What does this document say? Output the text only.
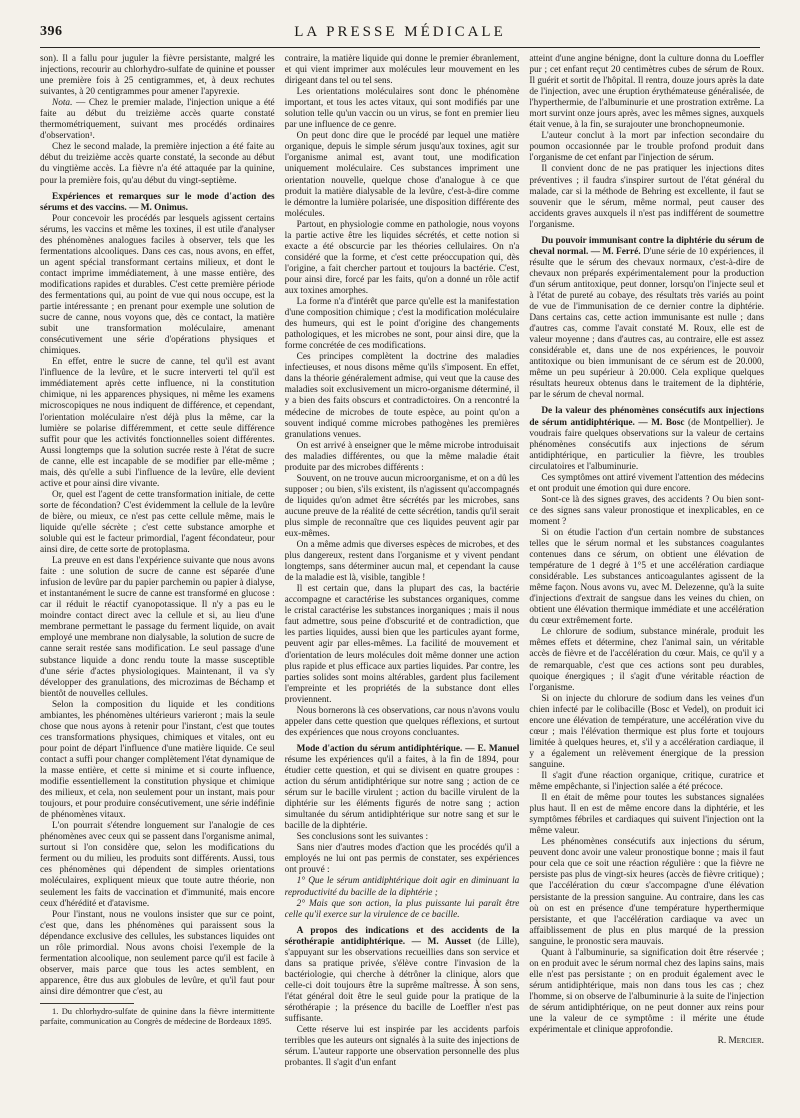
396	LA PRESSE MÉDICALE

son). Il a fallu pour juguler la fièvre persistante, malgré les injections, recourir au chlorhydro-sulfate de quinine et pousser une première fois à 25 centigrammes, et, à deux rechutes suivantes, à 20 centigrammes pour amener l'apyrexie.

Nota. — Chez le premier malade, l'injection unique a été faite au début du treizième accès quarte constaté thermométriquement, suivant mes procédés ordinaires d'observation¹.

Chez le second malade, la première injection a été faite au début du treizième accès quarte constaté, la seconde au début du vingtième accès. La fièvre n'a été attaquée par la quinine, pour la première fois, qu'au début du vingt-septième.

Expériences et remarques sur le mode d'action des sérums et des vaccins. — M. Onimus.

Pour concevoir les procédés par lesquels agissent certains sérums, les vaccins et même les toxines, il est utile d'analyser des phénomènes analogues faciles à observer, tels que les fermentations alcooliques. Dans ces cas, nous avons, en effet, un agent spécial transformant certains milieux, et dont le contact imprime immédiatement, à une masse entière, des modifications rapides et durables. C'est cette première période des fermentations qui, au point de vue qui nous occupe, est la partie intéressante ; en prenant pour exemple une solution de sucre de canne, nous voyons que, dès ce contact, la matière subit une transformation moléculaire, amenant consécutivement une série d'opérations physiques et chimiques.

En effet, entre le sucre de canne, tel qu'il est avant l'influence de la levûre, et le sucre interverti tel qu'il est immédiatement après cette influence, ni la constitution chimique, ni les apparences physiques, ni même les examens microscopiques ne nous indiquent de différence, et cependant, l'orientation moléculaire n'est déjà plus la même, car la lumière se polarise différemment, et cette seule différence suffit pour que les activités fonctionnelles soient différentes. Aussi longtemps que la solution sucrée reste à l'état de sucre de canne, elle est incapable de se modifier par elle-même ; mais, dès qu'elle a subi l'influence de la levûre, elle devient active et pour ainsi dire vivante.

Or, quel est l'agent de cette transformation initiale, de cette sorte de fécondation? C'est évidemment la cellule de la levûre de bière, ou mieux, ce n'est pas cette cellule même, mais le liquide qu'elle sécrète ; c'est cette substance amorphe et soluble qui est le facteur primordial, l'agent fécondateur, pour ainsi dire, de cette sorte de protoplasma.

La preuve en est dans l'expérience suivante que nous avons faite : une solution de sucre de canne est séparée d'une infusion de levûre par du papier parchemin ou papier à dialyse, et instantanément le sucre de canne est transformé en glucose : car il réduit le réactif cyanopotassique. Il n'y a pas eu le moindre contact direct avec la cellule et si, au lieu d'une membrane permettant le passage du ferment liquide, on avait employé une membrane non dialysable, la solution de sucre de canne serait restée sans modification. Le seul passage d'une substance liquide a donc rendu toute la masse susceptible d'une série d'actes physiologiques. Maintenant, il va s'y développer des granulations, des microzimas de Béchamp et bientôt de nouvelles cellules.

Selon la composition du liquide et les conditions ambiantes, les phénomènes ultérieurs varieront ; mais la seule chose que nous ayons à retenir pour l'instant, c'est que toutes ces transformations physiques, chimiques et vitales, ont eu pour point de départ l'influence d'une matière liquide. Ce seul contact a suffi pour changer complètement l'état dynamique de la masse entière, et cette si minime et si courte influence, modifie essentiellement la constitution physique et chimique des milieux, et cela, non seulement pour un instant, mais pour toujours, et pour produire consécutivement, une série indéfinie de phénomènes vitaux.

L'on pourrait s'étendre longuement sur l'analogie de ces phénomènes avec ceux qui se passent dans l'organisme animal, surtout si l'on considère que, selon les modifications du ferment ou du milieu, les produits sont différents. Aussi, tous ces phénomènes qui dépendent de simples orientations moléculaires, expliquent mieux que toute autre théorie, non seulement les faits de vaccination et d'immunité, mais encore ceux d'hérédité et d'atavisme.

Pour l'instant, nous ne voulons insister que sur ce point, c'est que, dans les phénomènes qui paraissent sous la dépendance exclusive des cellules, les substances liquides ont un rôle primordial. Nous avons choisi l'exemple de la fermentation alcoolique, non seulement parce qu'il est facile à observer, mais parce que tous les actes semblent, en apparence, être dus aux globules de levûre, et qu'il faut pour ainsi dire démontrer que c'est, au

1. Du chlorhydro-sulfate de quinine dans la fièvre intermittente parfaite, communication au Congrès de médecine de Bordeaux 1895.

contraire, la matière liquide qui donne le premier ébranlement, et qui vient imprimer aux molécules leur mouvement en les dirigeant dans tel ou tel sens.

Les orientations moléculaires sont donc le phénomène important, et tous les actes vitaux, qui sont modifiés par une solution telle qu'un vaccin ou un virus, se font en premier lieu par une influence de ce genre.

On peut donc dire que le procédé par lequel une matière organique, depuis le simple sérum jusqu'aux toxines, agit sur l'organisme animal est, avant tout, une modification uniquement moléculaire. Ces substances impriment une orientation nouvelle, quelque chose d'analogue à ce que produit la matière dialysable de la levûre, c'est-à-dire comme le démontre la lumière polarisée, une disposition différente des molécules.

Partout, en physiologie comme en pathologie, nous voyons la partie active être les liquides sécrétés, et cette notion si exacte a été obscurcie par les théories cellulaires. On n'a considéré que la forme, et c'est cette préoccupation qui, dès l'origine, a fait chercher partout et toujours la bactérie. C'est, pour ainsi dire, forcé par les faits, qu'on a donné un rôle actif aux toxines amorphes.

La forme n'a d'intérêt que parce qu'elle est la manifestation d'une composition chimique ; c'est la modification moléculaire des humeurs, qui est le point d'origine des changements pathologiques, et les microbes ne sont, pour ainsi dire, que la forme concrétée de ces modifications.

Ces principes complètent la doctrine des maladies infectieuses, et nous disons même qu'ils s'imposent. En effet, dans la théorie généralement admise, qui veut que la cause des maladies soit exclusivement un micro-organisme déterminé, il y a bien des faits obscurs et contradictoires. On a rencontré la médecine de microbes de toute espèce, au point qu'on a souvent indiqué comme microbes pathogènes les premières granulations venues.

On est arrivé à enseigner que le même microbe introduisait des maladies différentes, ou que la même maladie était produite par des microbes différents :

Souvent, on ne trouve aucun microorganisme, et on a dû les supposer ; ou bien, s'ils existent, ils n'agissent qu'accompagnés de liquides qu'on admet être sécrétés par les microbes, sans aucune preuve de la réalité de cette sécrétion, tandis qu'il serait plus simple de reconnaître que ces liquides peuvent agir par eux-mêmes.

On a même admis que diverses espèces de microbes, et des plus dangereux, restent dans l'organisme et y vivent pendant longtemps, sans déterminer aucun mal, et cependant la cause de la maladie est là, visible, tangible !

Il est certain que, dans la plupart des cas, la bactérie accompagne et caractérise les substances organiques, comme le cristal caractérise les substances inorganiques ; mais il nous faut admettre, sous peine d'obscurité et de contradiction, que les parties liquides, aussi bien que les particules ayant forme, peuvent agir par elles-mêmes. La facilité de mouvement et d'orientation de leurs molécules doit même donner une action plus rapide et plus efficace aux parties liquides. Par contre, les parties solides sont moins altérables, gardent plus facilement l'empreinte et les propriétés de la substance dont elles proviennent.

Nous bornerons là ces observations, car nous n'avons voulu appeler dans cette question que quelques réflexions, et surtout des expériences que nous croyons concluantes.

Mode d'action du sérum antidiphtérique. — E. Manuel résume les expériences qu'il a faites, à la fin de 1894, pour étudier cette question, et qui se divisent en quatre groupes : action du sérum antidiphtérique sur notre sang ; action de ce sérum sur le bacille virulent ; action du bacille virulent de la diphtérie sur les éléments figurés de notre sang ; action simultanée du sérum antidiphtérique sur notre sang et sur le bacille de la diphtérie.

Ses conclusions sont les suivantes :

Sans nier d'autres modes d'action que les procédés qu'il a employés ne lui ont pas permis de constater, ses expériences ont prouvé :

1° Que le sérum antidiphtérique doit agir en diminuant la reproductivité du bacille de la diphtérie ;

2° Mais que son action, la plus puissante lui paraît être celle qu'il exerce sur la virulence de ce bacille.

A propos des indications et des accidents de la sérothérapie antidiphtérique. — M. Ausset (de Lille), s'appuyant sur les observations recueillies dans son service et dans sa pratique privée, s'élève contre l'invasion de la bactériologie, qui cherche à détrôner la clinique, alors que celle-ci doit toujours être la suprême maîtresse. À son sens, l'état général doit être le seul guide pour la pratique de la sérothérapie ; la présence du bacille de Loeffler n'est pas suffisante.

Cette réserve lui est inspirée par les accidents parfois terribles que les auteurs ont signalés à la suite des injections de sérum. L'auteur rapporte une observation personnelle des plus probantes. Il s'agit d'un enfant

atteint d'une angine bénigne, dont la culture donna du Loeffler pur ; cet enfant reçut 20 centimètres cubes de sérum de Roux. Il guérit et sortit de l'hôpital. Il rentra, douze jours après la date de l'injection, avec une éruption érythémateuse généralisée, de l'hyperthermie, de l'albuminurie et une prostration extrême. La mort survint onze jours après, avec les mêmes signes, auxquels était venue, à la fin, se surajouter une bronchopneumonie.

L'auteur conclut à la mort par infection secondaire du poumon occasionnée par le trouble profond produit dans l'organisme de cet enfant par l'injection de sérum.

Il convient donc de ne pas pratiquer les injections dites préventives ; il faudra s'inspirer surtout de l'état général du malade, car si la méthode de Behring est excellente, il faut se souvenir que le sérum, même normal, peut causer des accidents graves auxquels il n'est pas indifférent de soumettre l'organisme.

Du pouvoir immunisant contre la diphtérie du sérum de cheval normal. — M. Ferré. D'une série de 10 expériences, il résulte que le sérum des chevaux normaux, c'est-à-dire de chevaux non préparés expérimentalement pour la production d'un sérum antitoxique, peut donner, lorsqu'on l'injecte seul et à l'état de pureté au cobaye, des résultats très variés au point de vue de l'immunisation de ce dernier contre la diphtérie. Dans certains cas, cette action immunisante est nulle ; dans d'autres cas, comme l'avait constaté M. Roux, elle est de valeur moyenne ; dans d'autres cas, au contraire, elle est assez considérable et, dans une de nos expériences, le pouvoir antitoxique ou bien immunisant de ce sérum est de 20.000, même un peu supérieur à 20.000. Cela explique quelques résultats heureux obtenus dans le traitement de la diphtérie, par le sérum de cheval normal.

De la valeur des phénomènes consécutifs aux injections de sérum antidiphtérique. — M. Bosc (de Montpellier). Je voudrais faire quelques observations sur la valeur de certains phénomènes consécutifs aux injections de sérum antidiphtérique, en particulier la fièvre, les troubles circulatoires et l'albuminurie.

Ces symptômes ont attiré vivement l'attention des médecins et ont produit une émotion qui dure encore.

Sont-ce là des signes graves, des accidents ? Ou bien sont-ce des signes sans valeur pronostique et inexplicables, en ce moment ?

Si on étudie l'action d'un certain nombre de substances telles que le sérum normal et les substances coagulantes contenues dans ce sérum, on obtient une élévation de température de 1 degré à 1°5 et une accélération cardiaque considérable. Les substances anticoagulantes agissent de la même façon. Nous avons vu, avec M. Delezenne, qu'à la suite d'injections d'extrait de sangsue dans les veines du chien, on obtient une élévation thermique immédiate et une accélération du cœur extrêmement forte.

Le chlorure de sodium, substance minérale, produit les mêmes effets et détermine, chez l'animal sain, un véritable accès de fièvre et de l'accélération du cœur. Mais, ce qu'il y a de remarquable, c'est que ces actions sont peu durables, quoique énergiques ; il s'agit d'une véritable réaction de l'organisme.

Si on injecte du chlorure de sodium dans les veines d'un chien infecté par le colibacille (Bosc et Vedel), on produit ici encore une élévation de température, une accélération vive du cœur ; mais l'élévation thermique est plus forte et toujours limitée à quelques heures, et, s'il y a accélération cardiaque, il y a également un relèvement énergique de la pression sanguine.

Il s'agit d'une réaction organique, critique, curatrice et même empêchante, si l'injection salée a été précoce.

Il en était de même pour toutes les substances signalées plus haut. Il en est de même encore dans la diphtérie, et les symptômes fébriles et cardiaques qui suivent l'injection ont la même valeur.

Les phénomènes consécutifs aux injections du sérum, peuvent donc avoir une valeur pronostique bonne ; mais il faut pour cela que ce soit une réaction régulière : que la fièvre ne persiste pas plus de vingt-six heures (accès de fièvre critique) ; que l'accélération du cœur s'accompagne d'une élévation persistante de la pression sanguine. Au contraire, dans les cas où on est en présence d'une température hyperthermique persistante, et que l'accélération cardiaque va avec un affaiblissement de plus en plus marqué de la pression sanguine, le pronostic sera mauvais.

Quant à l'albuminurie, sa signification doit être réservée ; on en produit avec le sérum normal chez des lapins sains, mais elle n'est pas persistante ; on en produit également avec le sérum antidiphtérique, mais non dans tous les cas ; chez l'homme, si on observe de l'albuminurie à la suite de l'injection de sérum antidiphtérique, on ne peut donner aux reins pour une la valeur de ce symptôme : il mérite une étude expérimentale et clinique approfondie.

R. Mercier.
